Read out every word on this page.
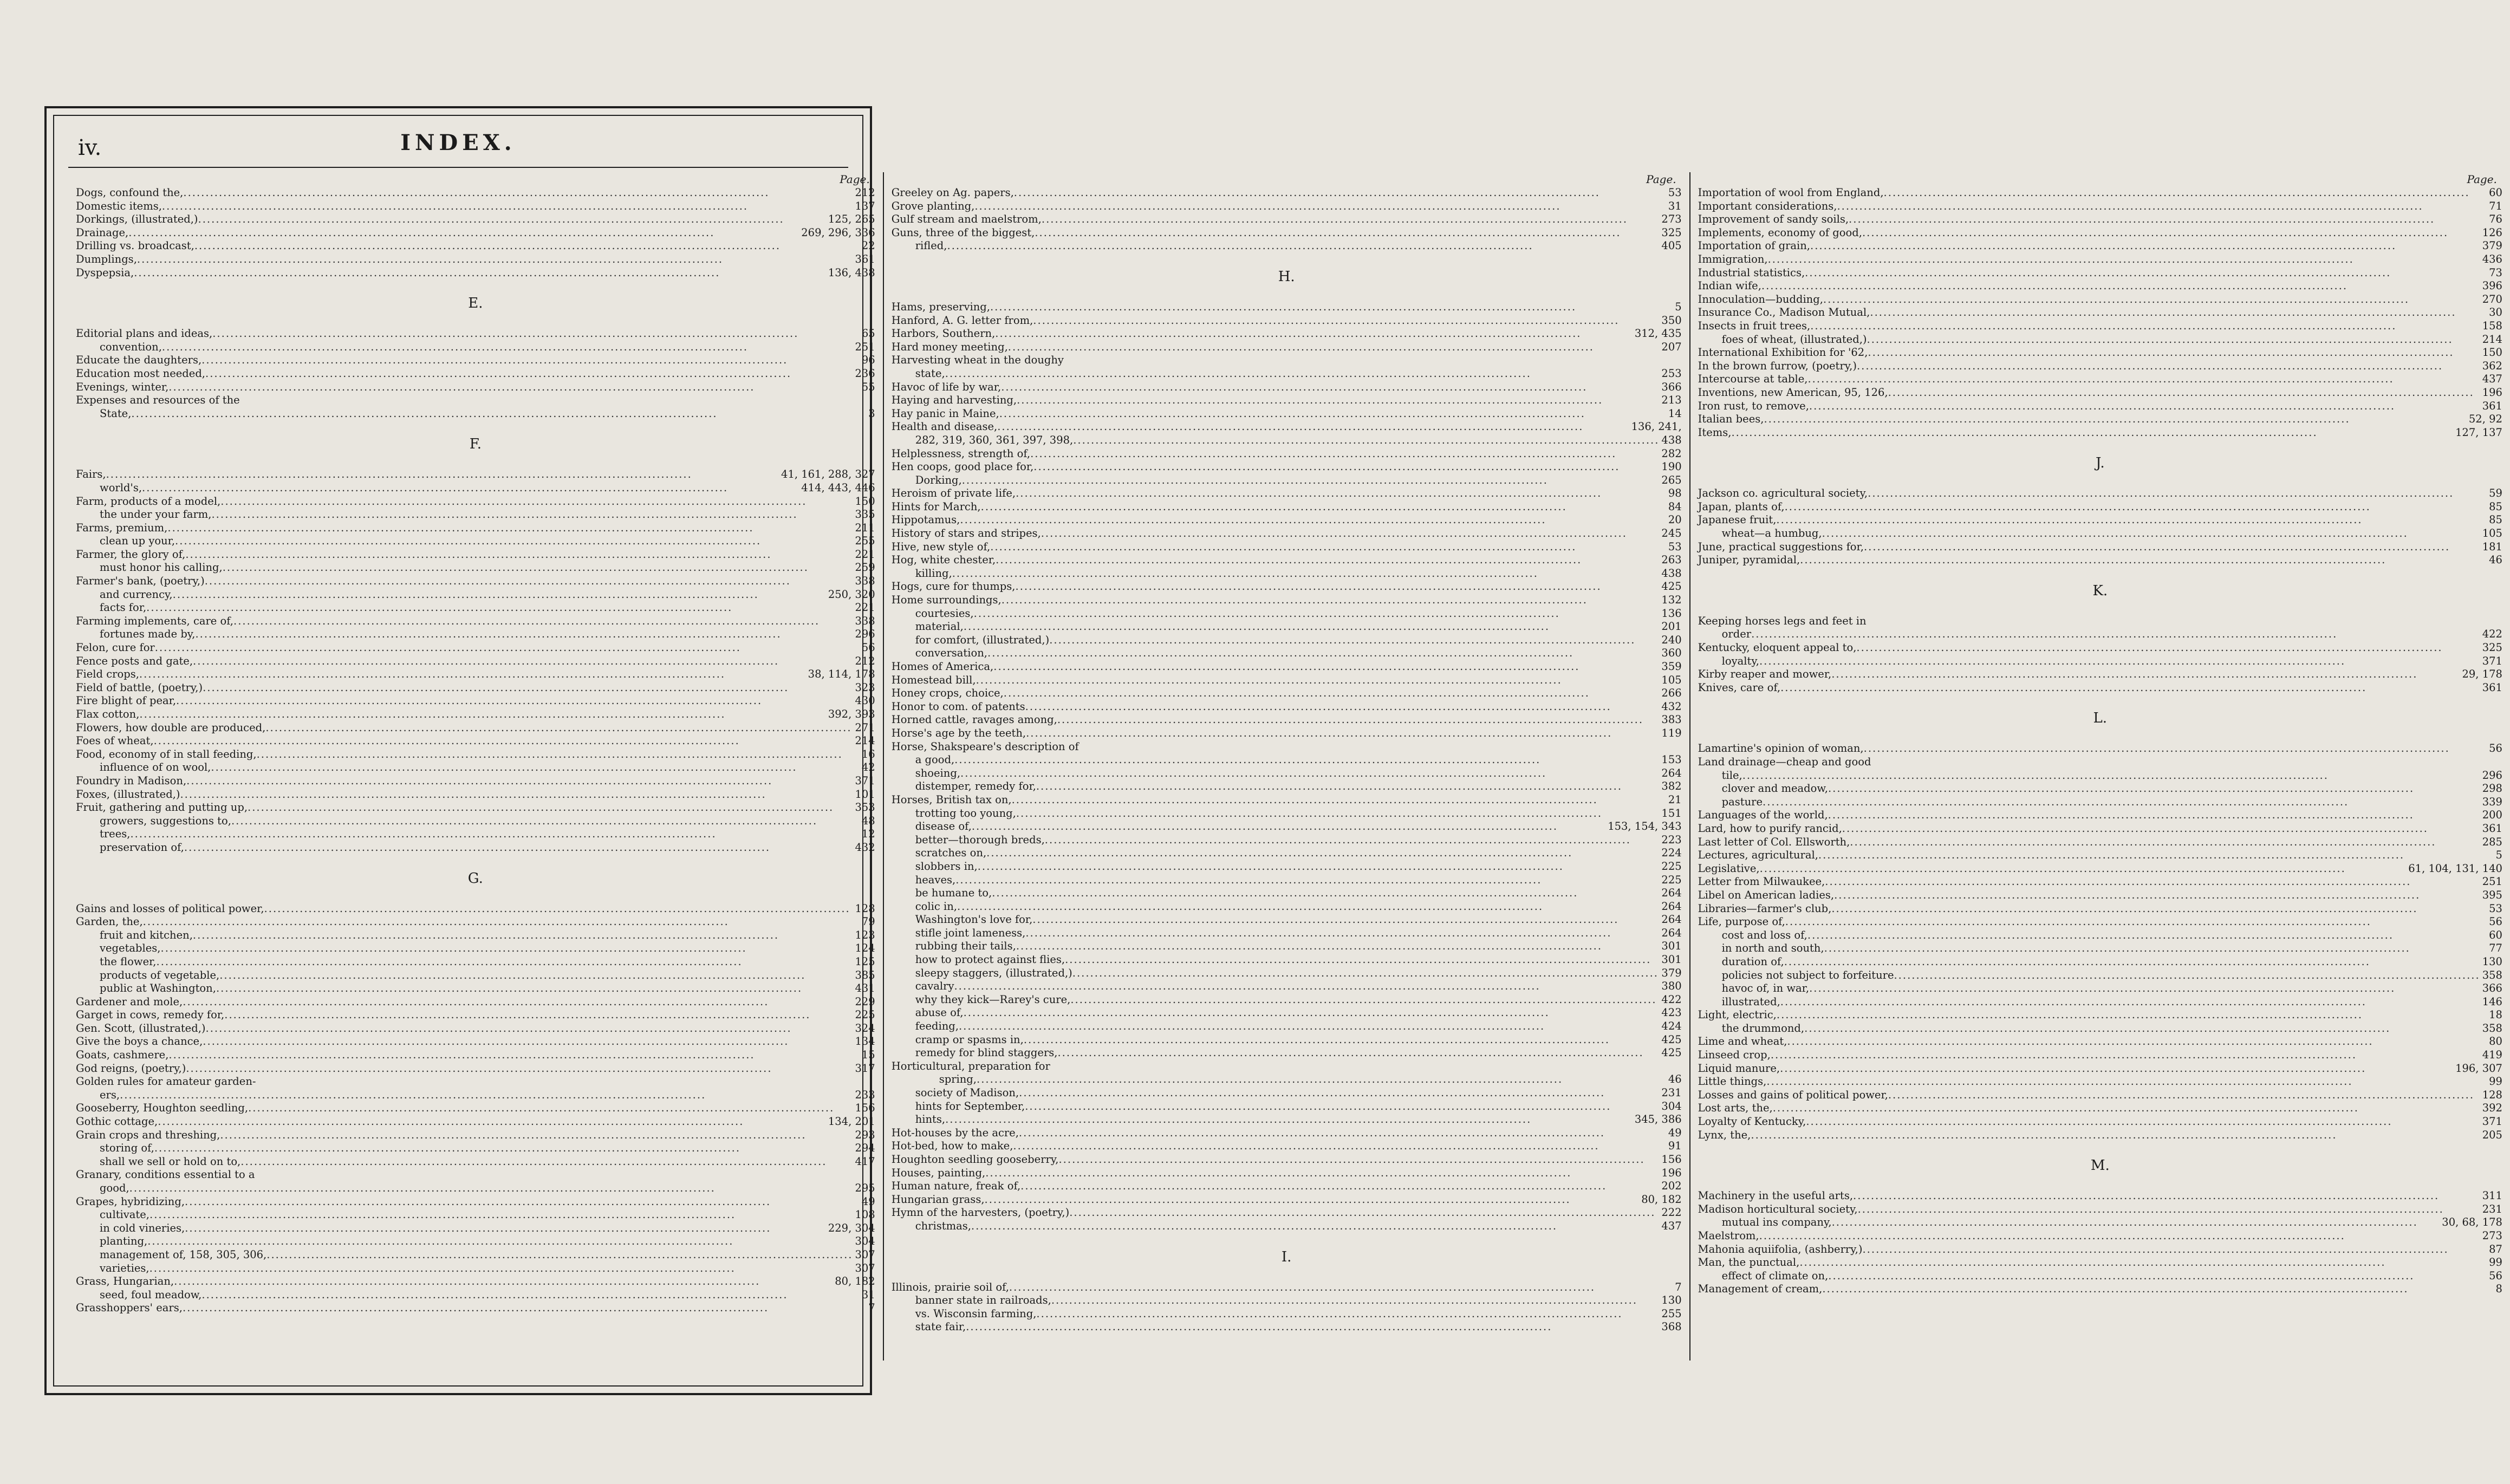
iv.	INDEX.
Page.
Dogs, confound the, .....	212
Domestic items, .....	137
Dorkings, (illustrated,) .....	125, 265
Drainage, .....	269, 296, 336
Drilling vs. broadcast, .....	22
Dumplings, .....	361
Dyspepsia, .....	136, 438
E.
Editorial plans and ideas, .....	65
convention, .....	251
Educate the daughters, .....	96
Education most needed, .....	236
Evenings, winter, .....	55
Expenses and resources of the
State, .....	3
F.
Fairs, .....	41, 161, 288, 327
world's, .....	414, 443, 446
Farm, products of a model, .....	150
the under your farm, .....	335
Farms, premium, .....	211
clean up your, .....	255
Farmer, the glory of, .....	221
must honor his calling, .....	259
Farmer's bank, (poetry,) .....	338
and currency, .....	250, 320
facts for, .....	221
Farming implements, care of, .....	338
fortunes made by, .....	296
Felon, cure for .....	56
Fence posts and gate, .....	212
Field crops, .....	38, 114, 178
Field of battle, (poetry,) .....	323
Fire blight of pear, .....	430
Flax cotton, .....	392, 393
Flowers, how double are produced, .....	271
Foes of wheat, .....	214
Food, economy of in stall feeding, .....	16
influence of on wool, .....	42
Foundry in Madison, .....	371
Foxes, (illustrated,) .....	101
Fruit, gathering and putting up, .....	353
growers, suggestions to, .....	48
trees, .....	12
preservation of, .....	432
G.
Gains and losses of political power, .....	128
Garden, the, .....	79
fruit and kitchen, .....	123
vegetables, .....	124
the flower, .....	125
products of vegetable, .....	385
public at Washington, .....	431
Gardener and mole, .....	229
Garget in cows, remedy for, .....	225
Gen. Scott, (illustrated,) .....	324
Give the boys a chance, .....	134
Goats, cashmere, .....	15
God reigns, (poetry,) .....	317
Golden rules for amateur garden-
ers, .....	233
Gooseberry, Houghton seedling, .....	156
Gothic cottage, .....	134, 201
Grain crops and threshing, .....	293
storing of, .....	294
shall we sell or hold on to, .....	417
Granary, conditions essential to a
good, .....	295
Grapes, hybridizing, .....	49
cultivate, .....	108
in cold vineries, .....	229, 304
planting, .....	304
management of, 158, 305, 306, .....	307
varieties, .....	307
Grass, Hungarian, .....	80, 182
seed, foul meadow, .....	31
Grasshoppers' ears, .....	7
Page.
Greeley on Ag. papers, .....	53
Grove planting, .....	31
Gulf stream and maelstrom, .....	273
Guns, three of the biggest, .....	325
rifled, .....	405
H.
Hams, preserving, .....	5
Hanford, A. G. letter from, .....	350
Harbors, Southern, .....	312, 435
Hard money meeting, .....	207
Harvesting wheat in the doughy
state, .....	253
Havoc of life by war, .....	366
Haying and harvesting, .....	213
Hay panic in Maine, .....	14
Health and disease, .....	136, 241,
282, 319, 360, 361, 397, 398, .....	438
Helplessness, strength of, .....	282
Hen coops, good place for, .....	190
Dorking, .....	265
Heroism of private life, .....	98
Hints for March, .....	84
Hippotamus, .....	20
History of stars and stripes, .....	245
Hive, new style of, .....	53
Hog, white chester, .....	263
killing, .....	438
Hogs, cure for thumps, .....	425
Home surroundings, .....	132
courtesies, .....	136
material, .....	201
for comfort, (illustrated,) .....	240
conversation, .....	360
Homes of America, .....	359
Homestead bill, .....	105
Honey crops, choice, .....	266
Honor to com. of patents .....	432
Horned cattle, ravages among, .....	383
Horse's age by the teeth, .....	119
Horse, Shakspeare's description of
a good, .....	153
shoeing, .....	264
distemper, remedy for, .....	382
Horses, British tax on, .....	21
trotting too young, .....	151
disease of, .....	153, 154, 343
better—thorough breds, .....	223
scratches on, .....	224
slobbers in, .....	225
heaves, .....	225
be humane to, .....	264
colic in, .....	264
Washington's love for, .....	264
stifle joint lameness, .....	264
rubbing their tails, .....	301
how to protect against flies, .....	301
sleepy staggers, (illustrated,) .....	379
cavalry .....	380
why they kick—Rarey's cure, .....	422
abuse of, .....	423
feeding, .....	424
cramp or spasms in, .....	425
remedy for blind staggers, .....	425
Horticultural, preparation for
spring, .....	46
society of Madison, .....	231
hints for September, .....	304
hints, .....	345, 386
Hot-houses by the acre, .....	49
Hot-bed, how to make, .....	91
Houghton seedling gooseberry, .....	156
Houses, painting, .....	196
Human nature, freak of, .....	202
Hungarian grass, .....	80, 182
Hymn of the harvesters, (poetry,) .....	222
christmas, .....	437
I.
Illinois, prairie soil of, .....	7
banner state in railroads, .....	130
vs. Wisconsin farming, .....	255
state fair, .....	368
Page.
Importation of wool from England, .....	60
Important considerations, .....	71
Improvement of sandy soils, .....	76
Implements, economy of good, .....	126
Importation of grain, .....	379
Immigration, .....	436
Industrial statistics, .....	73
Indian wife, .....	396
Innoculation—budding, .....	270
Insurance Co., Madison Mutual, .....	30
Insects in fruit trees, .....	158
foes of wheat, (illustrated,) .....	214
International Exhibition for '62, .....	150
In the brown furrow, (poetry,) .....	362
Intercourse at table, .....	437
Inventions, new American, 95, 126, .....	196
Iron rust, to remove, .....	361
Italian bees, .....	52, 92
Items, .....	127, 137
J.
Jackson co. agricultural society, .....	59
Japan, plants of, .....	85
Japanese fruit, .....	85
wheat—a humbug, .....	105
June, practical suggestions for, .....	181
Juniper, pyramidal, .....	46
K.
Keeping horses legs and feet in
order .....	422
Kentucky, eloquent appeal to, .....	325
loyalty, .....	371
Kirby reaper and mower, .....	29, 178
Knives, care of, .....	361
L.
Lamartine's opinion of woman, .....	56
Land drainage—cheap and good
tile, .....	296
clover and meadow, .....	298
pasture .....	339
Languages of the world, .....	200
Lard, how to purify rancid, .....	361
Last letter of Col. Ellsworth, .....	285
Lectures, agricultural, .....	5
Legislative, .....	61, 104, 131, 140
Letter from Milwaukee, .....	251
Libel on American ladies, .....	395
Libraries—farmer's club, .....	53
Life, purpose of, .....	56
cost and loss of, .....	60
in north and south, .....	77
duration of, .....	130
policies not subject to forfeiture .....	358
havoc of, in war, .....	366
illustrated, .....	146
Light, electric, .....	18
the drummond, .....	358
Lime and wheat, .....	80
Linseed crop, .....	419
Liquid manure, .....	196, 307
Little things, .....	99
Losses and gains of political power, .....	128
Lost arts, the, .....	392
Loyalty of Kentucky, .....	371
Lynx, the, .....	205
M.
Machinery in the useful arts, .....	311
Madison horticultural society, .....	231
mutual ins company, .....	30, 68, 178
Maelstrom, .....	273
Mahonia aquiifolia, (ashberry,) .....	87
Man, the punctual, .....	99
effect of climate on, .....	56
Management of cream, .....	8
